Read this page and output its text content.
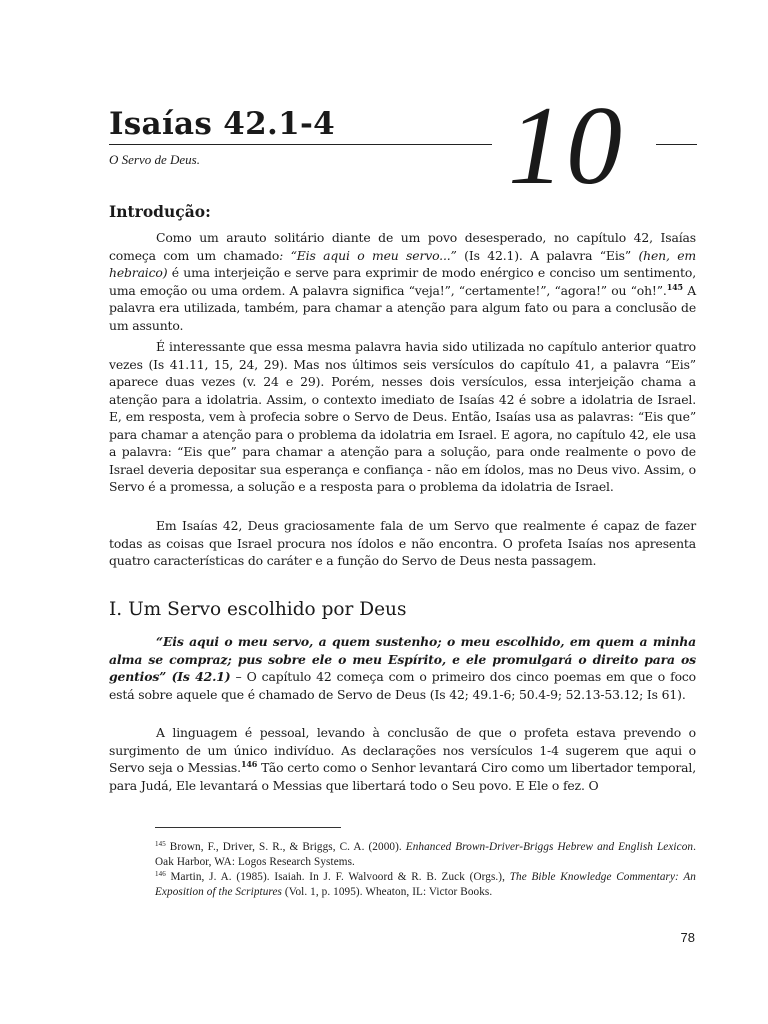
Isaías 42.1-4

O Servo de Deus.	10

Introdução:

Como um arauto solitário diante de um povo desesperado, no capítulo 42, Isaías começa com um chamado: “Eis aqui o meu servo...” (Is 42.1). A palavra “Eis” (hen, em hebraico) é uma interjeição e serve para exprimir de modo enérgico e conciso um sentimento, uma emoção ou uma ordem. A palavra significa “veja!”, “certamente!”, “agora!” ou “oh!”.$^{145}$ A palavra era utilizada, também, para chamar a atenção para algum fato ou para a conclusão de um assunto.

É interessante que essa mesma palavra havia sido utilizada no capítulo anterior quatro vezes (Is 41.11, 15, 24, 29). Mas nos últimos seis versículos do capítulo 41, a palavra “Eis” aparece duas vezes (v. 24 e 29). Porém, nesses dois versículos, essa interjeição chama a atenção para a idolatria. Assim, o contexto imediato de Isaías 42 é sobre a idolatria de Israel. E, em resposta, vem à profecia sobre o Servo de Deus. Então, Isaías usa as palavras: “Eis que” para chamar a atenção para o problema da idolatria em Israel. E agora, no capítulo 42, ele usa a palavra: “Eis que” para chamar a atenção para a solução, para onde realmente o povo de Israel deveria depositar sua esperança e confiança - não em ídolos, mas no Deus vivo. Assim, o Servo é a promessa, a solução e a resposta para o problema da idolatria de Israel.

Em Isaías 42, Deus graciosamente fala de um Servo que realmente é capaz de fazer todas as coisas que Israel procura nos ídolos e não encontra. O profeta Isaías nos apresenta quatro características do caráter e a função do Servo de Deus nesta passagem.

I. Um Servo escolhido por Deus

“Eis aqui o meu servo, a quem sustenho; o meu escolhido, em quem a minha alma se compraz; pus sobre ele o meu Espírito, e ele promulgará o direito para os gentios” (Is 42.1) – O capítulo 42 começa com o primeiro dos cinco poemas em que o foco está sobre aquele que é chamado de Servo de Deus (Is 42; 49.1-6; 50.4-9; 52.13-53.12; Is 61).

A linguagem é pessoal, levando à conclusão de que o profeta estava prevendo o surgimento de um único indivíduo. As declarações nos versículos 1-4 sugerem que aqui o Servo seja o Messias.$^{146}$ Tão certo como o Senhor levantará Ciro como um libertador temporal, para Judá, Ele levantará o Messias que libertará todo o Seu povo. E Ele o fez. O

$^{145}$ Brown, F., Driver, S. R., & Briggs, C. A. (2000). Enhanced Brown-Driver-Briggs Hebrew and English Lexicon. Oak Harbor, WA: Logos Research Systems.

$^{146}$ Martin, J. A. (1985). Isaiah. In J. F. Walvoord & R. B. Zuck (Orgs.), The Bible Knowledge Commentary: An Exposition of the Scriptures (Vol. 1, p. 1095). Wheaton, IL: Victor Books.

78
